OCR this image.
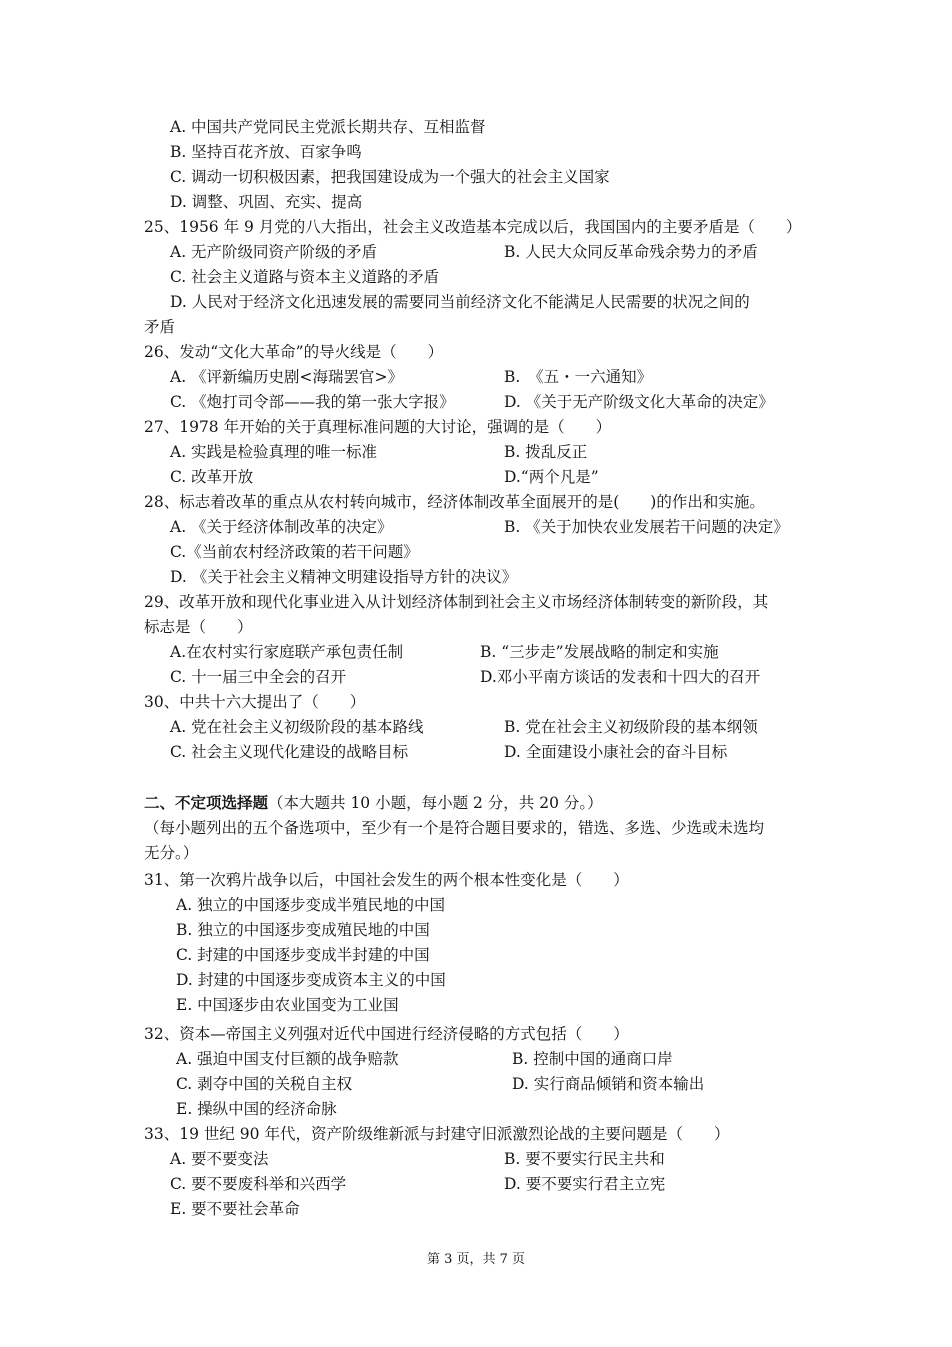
A. 中国共产党同民主党派长期共存、互相监督
B. 坚持百花齐放、百家争鸣
C. 调动一切积极因素，把我国建设成为一个强大的社会主义国家
D. 调整、巩固、充实、提高
25、1956 年 9 月党的八大指出，社会主义改造基本完成以后，我国国内的主要矛盾是（　　）
A. 无产阶级同资产阶级的矛盾	B. 人民大众同反革命残余势力的矛盾
C. 社会主义道路与资本主义道路的矛盾
D. 人民对于经济文化迅速发展的需要同当前经济文化不能满足人民需要的状况之间的
矛盾
26、发动“文化大革命”的导火线是（　　）
A. 《评新编历史剧<海瑞罢官>》	B.　《五・一六通知》
C. 《炮打司令部——我的第一张大字报》	D. 《关于无产阶级文化大革命的决定》
27、1978 年开始的关于真理标准问题的大讨论，强调的是（　　）
A. 实践是检验真理的唯一标准	B. 拨乱反正
C. 改革开放	D.“两个凡是”
28、标志着改革的重点从农村转向城市，经济体制改革全面展开的是(　　)的作出和实施。
A. 《关于经济体制改革的决定》	B. 《关于加快农业发展若干问题的决定》
C.《当前农村经济政策的若干问题》
D. 《关于社会主义精神文明建设指导方针的决议》
29、改革开放和现代化事业进入从计划经济体制到社会主义市场经济体制转变的新阶段，其
标志是（　　）
A.在农村实行家庭联产承包责任制	B. “三步走”发展战略的制定和实施
C. 十一届三中全会的召开	D.邓小平南方谈话的发表和十四大的召开
30、中共十六大提出了（　　）
A. 党在社会主义初级阶段的基本路线	B. 党在社会主义初级阶段的基本纲领
C. 社会主义现代化建设的战略目标	D. 全面建设小康社会的奋斗目标
二、不定项选择题（本大题共 10 小题，每小题 2 分，共 20 分。）
（每小题列出的五个备选项中，至少有一个是符合题目要求的，错选、多选、少选或未选均
无分。）
31、第一次鸦片战争以后，中国社会发生的两个根本性变化是（　　）
A. 独立的中国逐步变成半殖民地的中国
B. 独立的中国逐步变成殖民地的中国
C. 封建的中国逐步变成半封建的中国
D. 封建的中国逐步变成资本主义的中国
E. 中国逐步由农业国变为工业国
32、资本—帝国主义列强对近代中国进行经济侵略的方式包括（　　）
A. 强迫中国支付巨额的战争赔款	B. 控制中国的通商口岸
C. 剥夺中国的关税自主权	D. 实行商品倾销和资本输出
E. 操纵中国的经济命脉
33、19 世纪 90 年代，资产阶级维新派与封建守旧派激烈论战的主要问题是（　　）
A. 要不要变法	B. 要不要实行民主共和
C. 要不要废科举和兴西学	D. 要不要实行君主立宪
E. 要不要社会革命
第 3 页，共 7 页
